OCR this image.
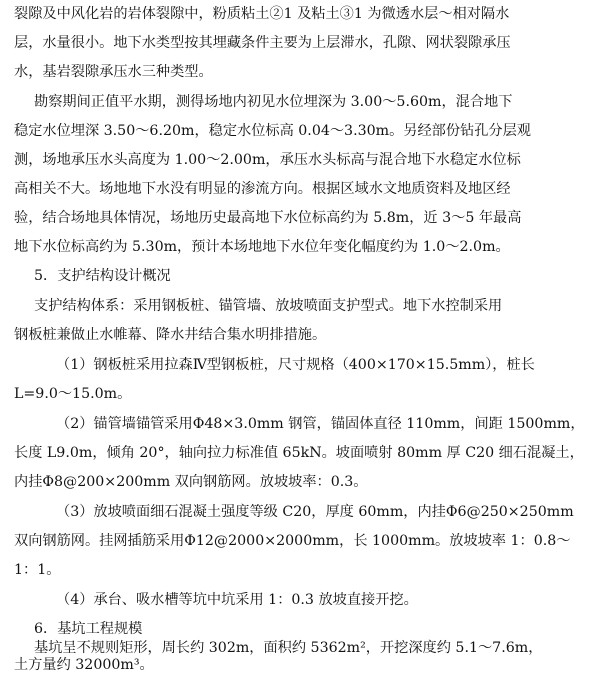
裂隙及中风化岩的岩体裂隙中，粉质粘土②1 及粘土③1 为微透水层～相对隔水
层，水量很小。地下水类型按其埋藏条件主要为上层滞水，孔隙、网状裂隙承压
水，基岩裂隙承压水三种类型。
勘察期间正值平水期，测得场地内初见水位埋深为 3.00～5.60m，混合地下
稳定水位埋深 3.50～6.20m，稳定水位标高 0.04～3.30m。另经部份钻孔分层观
测，场地承压水头高度为 1.00～2.00m，承压水头标高与混合地下水稳定水位标
高相关不大。场地地下水没有明显的渗流方向。根据区域水文地质资料及地区经
验，结合场地具体情况，场地历史最高地下水位标高约为 5.8m，近 3～5 年最高
地下水位标高约为 5.30m，预计本场地地下水位年变化幅度约为 1.0～2.0m。
5．支护结构设计概况
支护结构体系：采用钢板桩、锚管墙、放坡喷面支护型式。地下水控制采用
钢板桩兼做止水帷幕、降水井结合集水明排措施。
（1）钢板桩采用拉森Ⅳ型钢板桩，尺寸规格（400×170×15.5mm），桩长
L=9.0～15.0m。
（2）锚管墙锚管采用Φ48×3.0mm 钢管，锚固体直径 110mm，间距 1500mm，
长度 L9.0m，倾角 20°，轴向拉力标准值 65kN。坡面喷射 80mm 厚 C20 细石混凝土，
内挂Φ8@200×200mm 双向钢筋网。放坡坡率：0.3。
（3）放坡喷面细石混凝土强度等级 C20，厚度 60mm，内挂Φ6@250×250mm
双向钢筋网。挂网插筋采用Φ12@2000×2000mm，长 1000mm。放坡坡率 1：0.8～
1：1。
（4）承台、吸水槽等坑中坑采用 1：0.3 放坡直接开挖。
6．基坑工程规模
基坑呈不规则矩形，周长约 302m，面积约 5362m²，开挖深度约 5.1～7.6m，
土方量约 32000m³。
